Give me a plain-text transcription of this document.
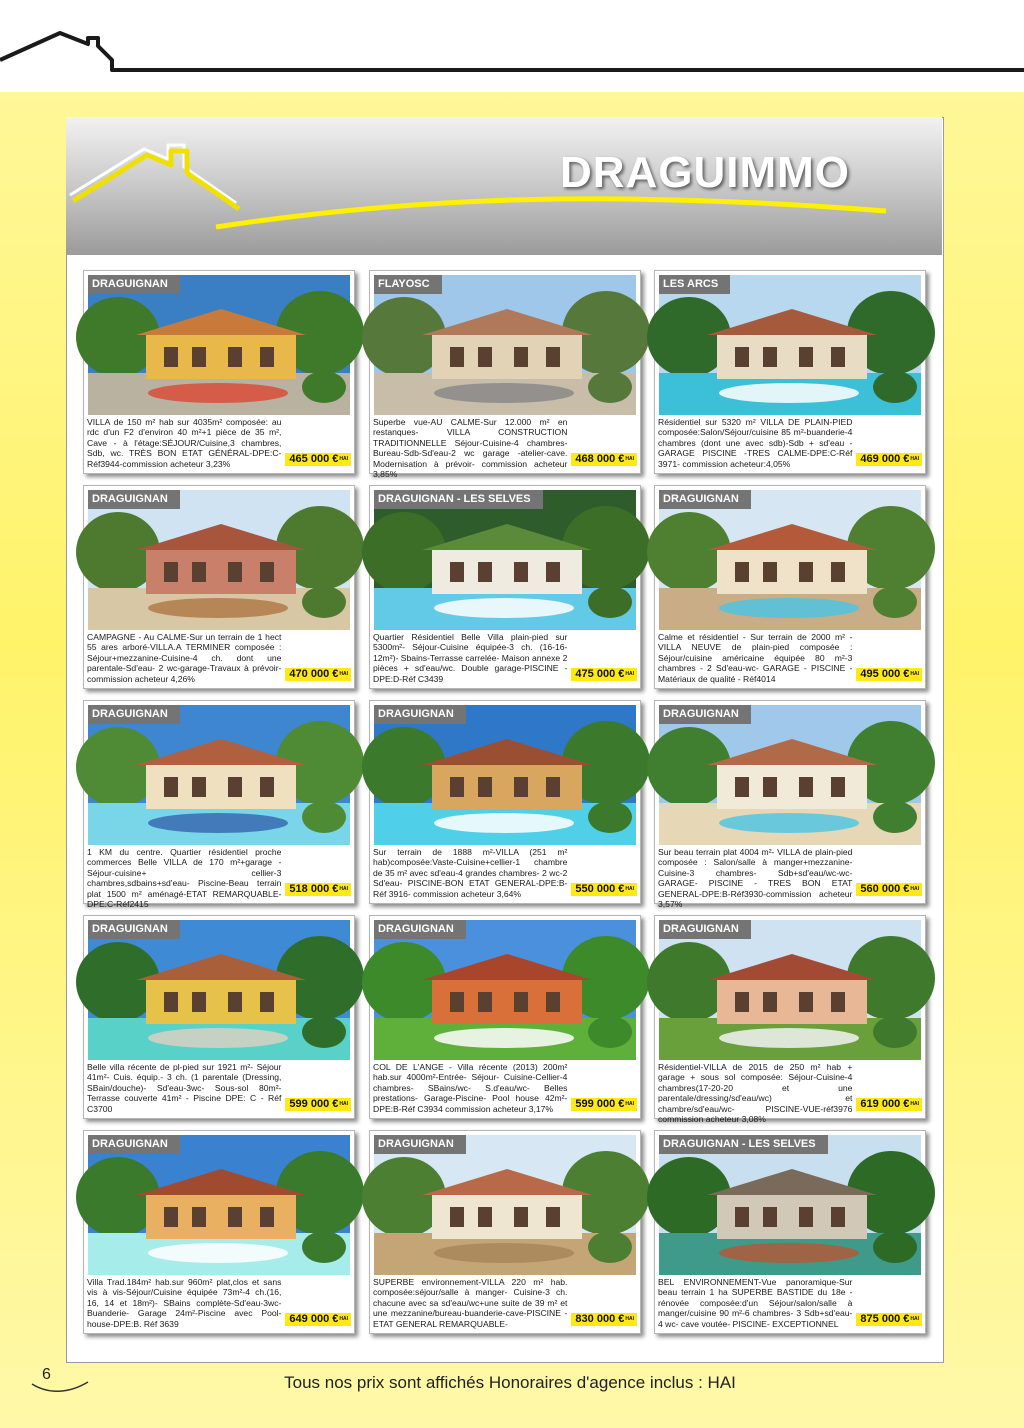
DRAGUIMMO
DRAGUIGNAN
465 000 €$^{HAI}$
VILLA de 150 m² hab sur 4035m² composée: au rdc d'un F2 d'environ 40 m²+1 pièce de 35 m², Cave - à l'étage:SÉJOUR/Cuisine,3 chambres, Sdb, wc. TRÈS BON ETAT GÉNÉRAL-DPE:C-Réf3944-commission acheteur 3,23%
FLAYOSC
468 000 €$^{HAI}$
Superbe vue-AU CALME-Sur 12.000 m² en restanques- VILLA CONSTRUCTION TRADITIONNELLE Séjour-Cuisine-4 chambres-Bureau-Sdb-Sd'eau-2 wc garage -atelier-cave. Modernisation à prévoir- commission acheteur 3,85%
LES ARCS
469 000 €$^{HAI}$
Résidentiel sur 5320 m² VILLA DE PLAIN-PIED composée:Salon/Séjour/cuisine 85 m²-buanderie-4 chambres (dont une avec sdb)-Sdb + sd'eau - GARAGE PISCINE -TRES CALME-DPE:C-Réf 3971- commission acheteur:4,05%
DRAGUIGNAN
470 000 €$^{HAI}$
CAMPAGNE - Au CALME-Sur un terrain de 1 hect 55 ares arboré-VILLA.A TERMINER composée : Séjour+mezzanine-Cuisine-4 ch. dont une parentale-Sd'eau- 2 wc-garage-Travaux à prévoir-commission acheteur 4,26%
DRAGUIGNAN - LES SELVES
475 000 €$^{HAI}$
Quartier Résidentiel Belle Villa plain-pied sur 5300m²- Séjour-Cuisine équipée-3 ch. (16-16-12m²)- Sbains-Terrasse carrelée- Maison annexe 2 pièces + sd'eau/wc. Double garage-PISCINE - DPE:D-Réf C3439
DRAGUIGNAN
495 000 €$^{HAI}$
Calme et résidentiel - Sur terrain de 2000 m² - VILLA NEUVE de plain-pied composée : Séjour/cuisine américaine équipée 80 m²-3 chambres - 2 Sd'eau-wc- GARAGE - PISCINE - Matériaux de qualité - Réf4014
DRAGUIGNAN
518 000 €$^{HAI}$
1 KM du centre. Quartier résidentiel proche commerces Belle VILLA de 170 m²+garage - Séjour-cuisine+ cellier-3 chambres,sdbains+sd'eau- Piscine-Beau terrain plat 1500 m² aménagé-ETAT REMARQUABLE-DPE:C-Réf2415
DRAGUIGNAN
550 000 €$^{HAI}$
Sur terrain de 1888 m²-VILLA (251 m² hab)composée:Vaste-Cuisine+cellier-1 chambre de 35 m² avec sd'eau-4 grandes chambres- 2 wc-2 Sd'eau- PISCINE-BON ETAT GENERAL-DPE:B-Réf 3916- commission acheteur 3,64%
DRAGUIGNAN
560 000 €$^{HAI}$
Sur beau terrain plat 4004 m²- VILLA de plain-pied composée : Salon/salle à manger+mezzanine-Cuisine-3 chambres- Sdb+sd'eau/wc-wc-GARAGE- PISCINE - TRES BON ETAT GENERAL-DPE:B-Réf3930-commission acheteur 3,57%
DRAGUIGNAN
599 000 €$^{HAI}$
Belle villa récente de pl-pied sur 1921 m²- Séjour 41m²- Cuis. équip.- 3 ch. (1 parentale (Dressing, SBain/douche)- Sd'eau-3wc- Sous-sol 80m²- Terrasse couverte 41m² - Piscine DPE: C - Réf C3700
DRAGUIGNAN
599 000 €$^{HAI}$
COL DE L'ANGE - Villa récente (2013) 200m² hab.sur 4000m²-Entrée- Séjour- Cuisine-Cellier-4 chambres- SBains/wc- S.d'eau/wc- Belles prestations- Garage-Piscine- Pool house 42m²-DPE:B-Réf C3934 commission acheteur 3,17%
DRAGUIGNAN
619 000 €$^{HAI}$
Résidentiel-VILLA de 2015 de 250 m² hab + garage + sous sol composée: Séjour-Cuisine-4 chambres(17-20-20 et une parentale/dressing/sd'eau/wc) et chambre/sd'eau/wc- PISCINE-VUE-réf3976 commission acheteur 3,08%
DRAGUIGNAN
649 000 €$^{HAI}$
Villa Trad.184m² hab.sur 960m² plat,clos et sans vis à vis-Séjour/Cuisine équipée 73m²-4 ch.(16, 16, 14 et 18m²)- SBains complète-Sd'eau-3wc-Buanderie- Garage 24m²-Piscine avec Pool-house-DPE:B. Réf 3639
DRAGUIGNAN
830 000 €$^{HAI}$
SUPERBE environnement-VILLA 220 m² hab. composée:séjour/salle à manger- Cuisine-3 ch. chacune avec sa sd'eau/wc+une suite de 39 m² et une mezzanine/bureau-buanderie-cave-PISCINE - ETAT GENERAL REMARQUABLE-
DRAGUIGNAN - LES SELVES
875 000 €$^{HAI}$
BEL ENVIRONNEMENT-Vue panoramique-Sur beau terrain 1 ha SUPERBE BASTIDE du 18e - rénovée composée:d'un Séjour/salon/salle à manger/cuisine 90 m²-6 chambres- 3 Sdb+sd'eau-4 wc- cave voutée- PISCINE- EXCEPTIONNEL
6	Tous nos prix sont affichés Honoraires d'agence inclus : HAI
